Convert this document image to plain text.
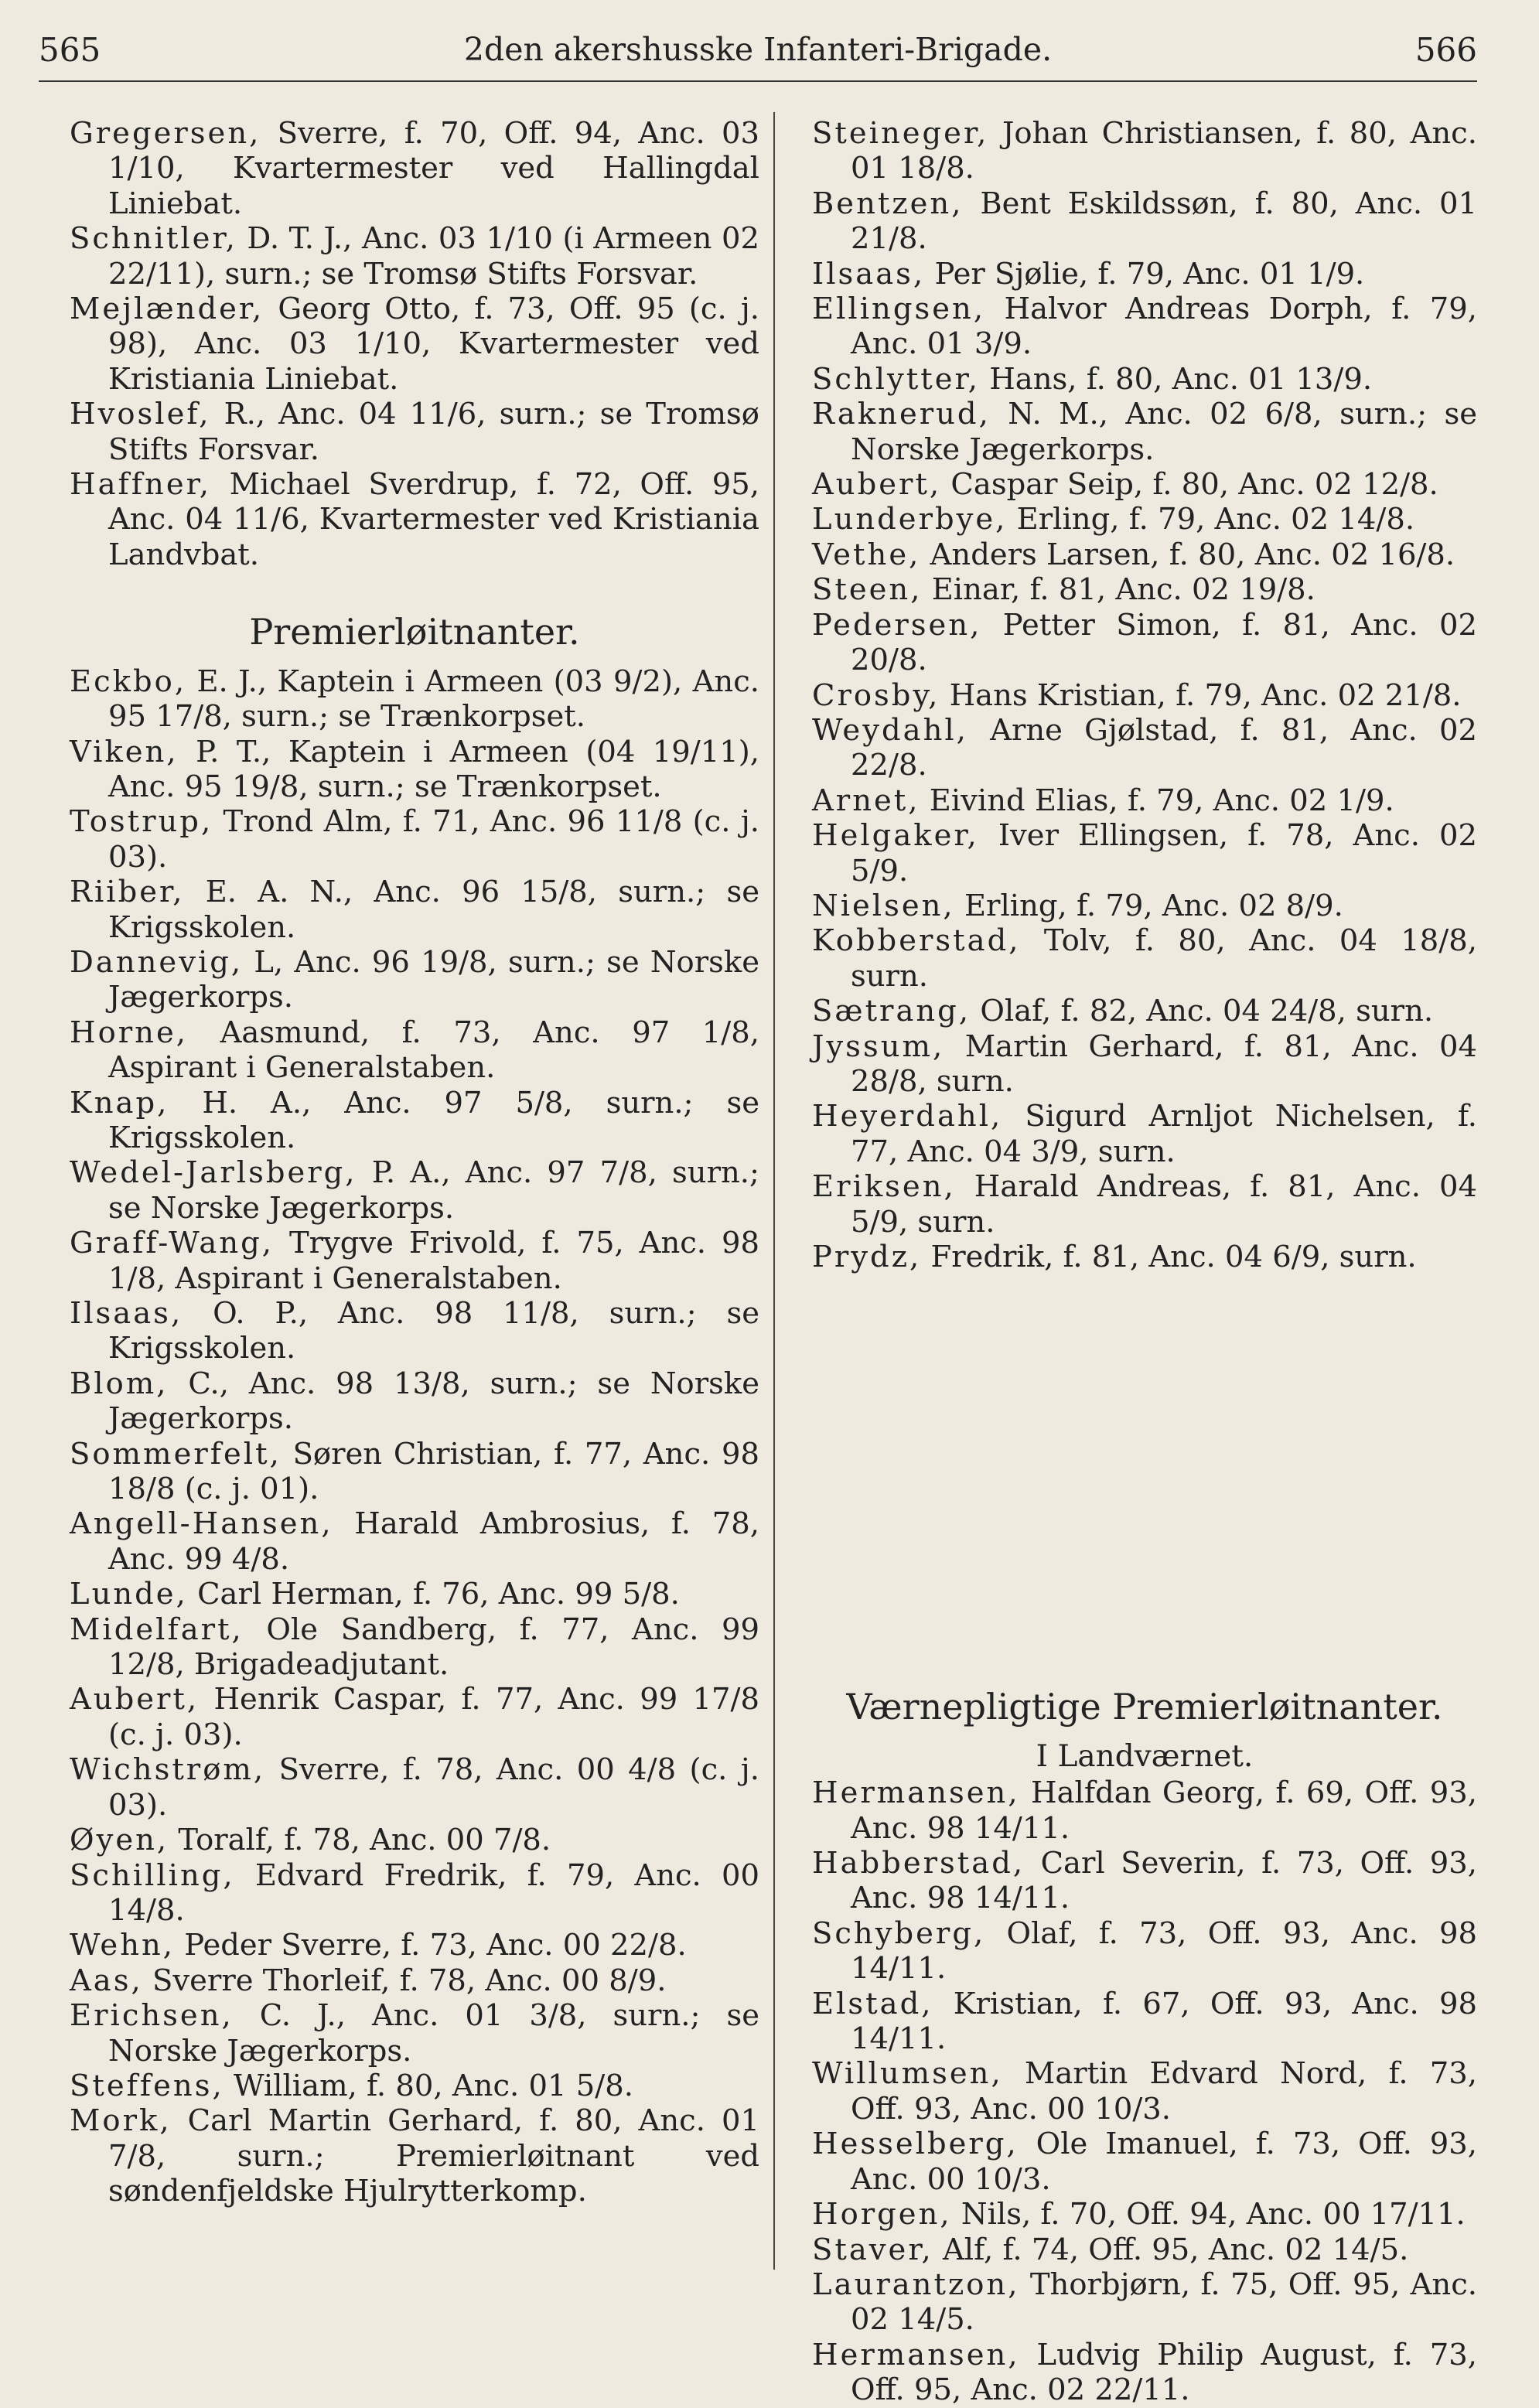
565	2den akershusske Infanteri-Brigade.	566
Gregersen, Sverre, f. 70, Off. 94, Anc. 03 1/10, Kvartermester ved Hallingdal Liniebat.
Schnitler, D. T. J., Anc. 03 1/10 (i Armeen 02 22/11), surn.; se Tromsø Stifts Forsvar.
Mejlænder, Georg Otto, f. 73, Off. 95 (c. j. 98), Anc. 03 1/10, Kvartermester ved Kristiania Liniebat.
Hvoslef, R., Anc. 04 11/6, surn.; se Tromsø Stifts Forsvar.
Haffner, Michael Sverdrup, f. 72, Off. 95, Anc. 04 11/6, Kvartermester ved Kristiania Landvbat.
Premierløitnanter.
Eckbo, E. J., Kaptein i Armeen (03 9/2), Anc. 95 17/8, surn.; se Trænkorpset.
Viken, P. T., Kaptein i Armeen (04 19/11), Anc. 95 19/8, surn.; se Trænkorpset.
Tostrup, Trond Alm, f. 71, Anc. 96 11/8 (c. j. 03).
Riiber, E. A. N., Anc. 96 15/8, surn.; se Krigsskolen.
Dannevig, L, Anc. 96 19/8, surn.; se Norske Jægerkorps.
Horne, Aasmund, f. 73, Anc. 97 1/8, Aspirant i Generalstaben.
Knap, H. A., Anc. 97 5/8, surn.; se Krigsskolen.
Wedel-Jarlsberg, P. A., Anc. 97 7/8, surn.; se Norske Jægerkorps.
Graff-Wang, Trygve Frivold, f. 75, Anc. 98 1/8, Aspirant i Generalstaben.
Ilsaas, O. P., Anc. 98 11/8, surn.; se Krigsskolen.
Blom, C., Anc. 98 13/8, surn.; se Norske Jægerkorps.
Sommerfelt, Søren Christian, f. 77, Anc. 98 18/8 (c. j. 01).
Angell-Hansen, Harald Ambrosius, f. 78, Anc. 99 4/8.
Lunde, Carl Herman, f. 76, Anc. 99 5/8.
Midelfart, Ole Sandberg, f. 77, Anc. 99 12/8, Brigadeadjutant.
Aubert, Henrik Caspar, f. 77, Anc. 99 17/8 (c. j. 03).
Wichstrøm, Sverre, f. 78, Anc. 00 4/8 (c. j. 03).
Øyen, Toralf, f. 78, Anc. 00 7/8.
Schilling, Edvard Fredrik, f. 79, Anc. 00 14/8.
Wehn, Peder Sverre, f. 73, Anc. 00 22/8.
Aas, Sverre Thorleif, f. 78, Anc. 00 8/9.
Erichsen, C. J., Anc. 01 3/8, surn.; se Norske Jægerkorps.
Steffens, William, f. 80, Anc. 01 5/8.
Mork, Carl Martin Gerhard, f. 80, Anc. 01 7/8, surn.; Premierløitnant ved søndenfjeldske Hjulrytterkomp.
Steineger, Johan Christiansen, f. 80, Anc. 01 18/8.
Bentzen, Bent Eskildssøn, f. 80, Anc. 01 21/8.
Ilsaas, Per Sjølie, f. 79, Anc. 01 1/9.
Ellingsen, Halvor Andreas Dorph, f. 79, Anc. 01 3/9.
Schlytter, Hans, f. 80, Anc. 01 13/9.
Raknerud, N. M., Anc. 02 6/8, surn.; se Norske Jægerkorps.
Aubert, Caspar Seip, f. 80, Anc. 02 12/8.
Lunderbye, Erling, f. 79, Anc. 02 14/8.
Vethe, Anders Larsen, f. 80, Anc. 02 16/8.
Steen, Einar, f. 81, Anc. 02 19/8.
Pedersen, Petter Simon, f. 81, Anc. 02 20/8.
Crosby, Hans Kristian, f. 79, Anc. 02 21/8.
Weydahl, Arne Gjølstad, f. 81, Anc. 02 22/8.
Arnet, Eivind Elias, f. 79, Anc. 02 1/9.
Helgaker, Iver Ellingsen, f. 78, Anc. 02 5/9.
Nielsen, Erling, f. 79, Anc. 02 8/9.
Kobberstad, Tolv, f. 80, Anc. 04 18/8, surn.
Sætrang, Olaf, f. 82, Anc. 04 24/8, surn.
Jyssum, Martin Gerhard, f. 81, Anc. 04 28/8, surn.
Heyerdahl, Sigurd Arnljot Nichelsen, f. 77, Anc. 04 3/9, surn.
Eriksen, Harald Andreas, f. 81, Anc. 04 5/9, surn.
Prydz, Fredrik, f. 81, Anc. 04 6/9, surn.
Værnepligtige Premierløitnanter.
I Landværnet.
Hermansen, Halfdan Georg, f. 69, Off. 93, Anc. 98 14/11.
Habberstad, Carl Severin, f. 73, Off. 93, Anc. 98 14/11.
Schyberg, Olaf, f. 73, Off. 93, Anc. 98 14/11.
Elstad, Kristian, f. 67, Off. 93, Anc. 98 14/11.
Willumsen, Martin Edvard Nord, f. 73, Off. 93, Anc. 00 10/3.
Hesselberg, Ole Imanuel, f. 73, Off. 93, Anc. 00 10/3.
Horgen, Nils, f. 70, Off. 94, Anc. 00 17/11.
Staver, Alf, f. 74, Off. 95, Anc. 02 14/5.
Laurantzon, Thorbjørn, f. 75, Off. 95, Anc. 02 14/5.
Hermansen, Ludvig Philip August, f. 73, Off. 95, Anc. 02 22/11.
